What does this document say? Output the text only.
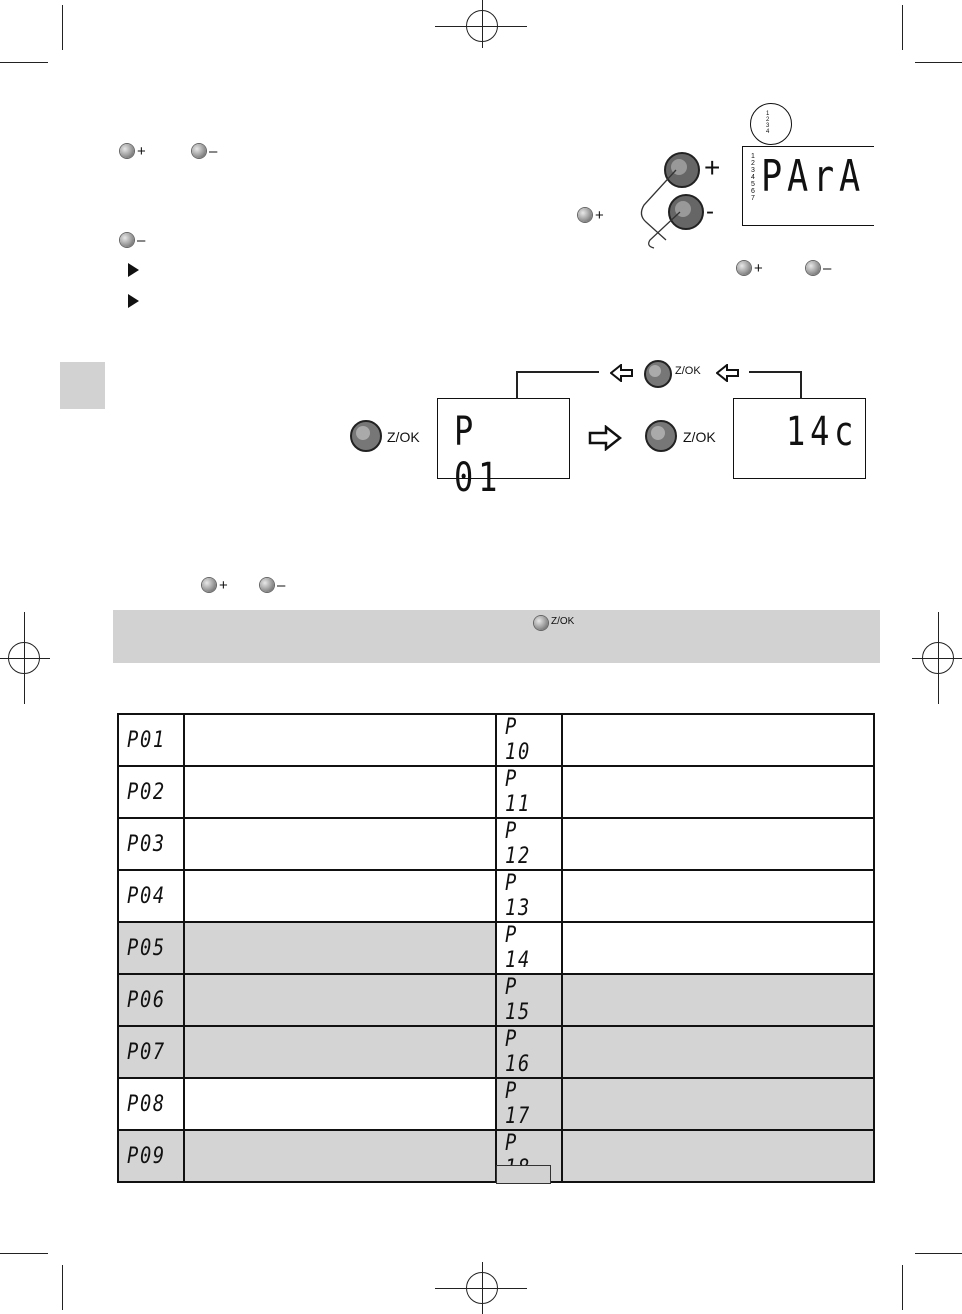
+	–
–
+
+	–
+
-
1234567 PArA
1234
Z/OK P 01
Z/OK 14c
Z/OK
+	–
Z/OK
P01		P 10	
P02		P 11	
P03		P 12	
P04		P 13	
P05		P 14	
P06		P 15	
P07		P 16	
P08		P 17	
P09		P	
